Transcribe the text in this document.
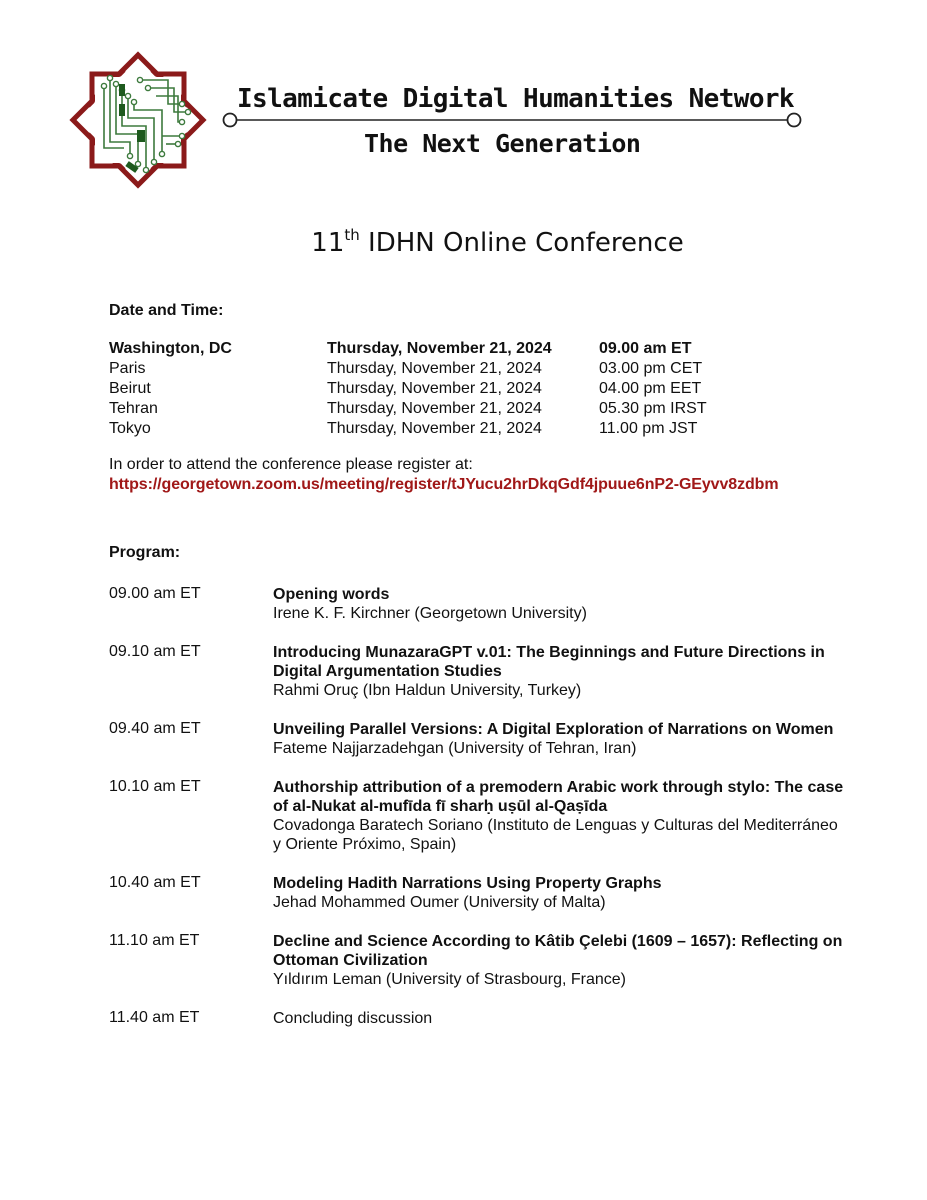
Islamicate Digital Humanities Network
The Next Generation
11th IDHN Online Conference
Date and Time:
Washington, DC	Thursday, November 21, 2024	09.00 am ET
Paris	Thursday, November 21, 2024	03.00 pm CET
Beirut	Thursday, November 21, 2024	04.00 pm EET
Tehran	Thursday, November 21, 2024	05.30 pm IRST
Tokyo	Thursday, November 21, 2024	11.00 pm JST
In order to attend the conference please register at:
https://georgetown.zoom.us/meeting/register/tJYucu2hrDkqGdf4jpuue6nP2-GEyvv8zdbm
Program:
09.00 am ET	Opening words
Irene K. F. Kirchner (Georgetown University)
09.10 am ET	Introducing MunazaraGPT v.01: The Beginnings and Future Directions in
Digital Argumentation Studies
Rahmi Oruç (Ibn Haldun University, Turkey)
09.40 am ET	Unveiling Parallel Versions: A Digital Exploration of Narrations on Women
Fateme Najjarzadehgan (University of Tehran, Iran)
10.10 am ET	Authorship attribution of a premodern Arabic work through stylo: The case
of al-Nukat al-mufīda fī sharḥ uṣūl al-Qaṣīda
Covadonga Baratech Soriano (Instituto de Lenguas y Culturas del Mediterráneo
y Oriente Próximo, Spain)
10.40 am ET	Modeling Hadith Narrations Using Property Graphs
Jehad Mohammed Oumer (University of Malta)
11.10 am ET	Decline and Science According to Kâtib Çelebi (1609 – 1657): Reflecting on
Ottoman Civilization
Yıldırım Leman (University of Strasbourg, France)
11.40 am ET	Concluding discussion
